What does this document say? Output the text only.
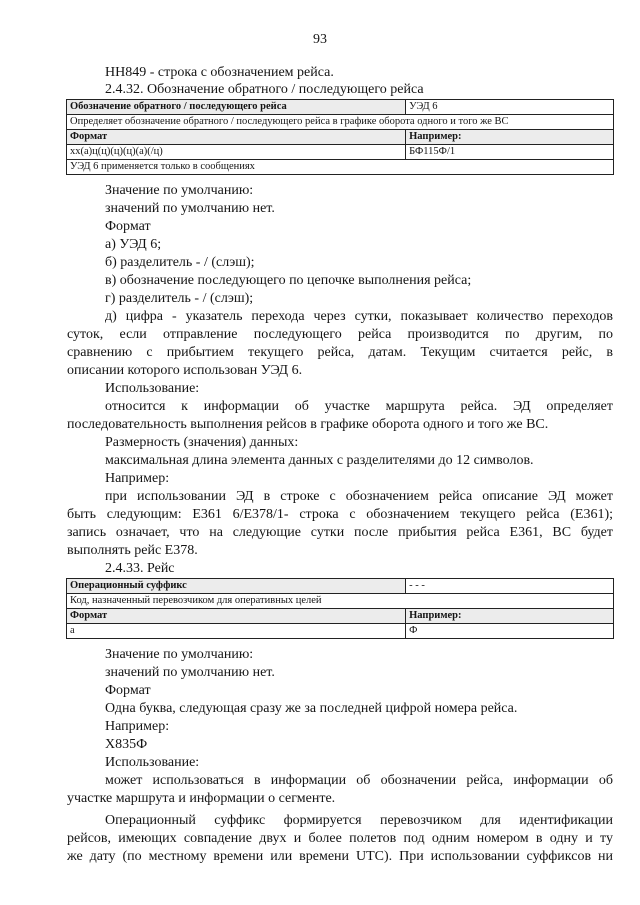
93
НН849 - строка с обозначением рейса.
2.4.32. Обозначение обратного / последующего рейса
Обозначение обратного / последующего рейса	УЭД 6
Определяет обозначение обратного / последующего рейса в графике оборота одного и того же ВС	
Формат	Например:
хх(а)ц(ц)(ц)(ц)(а)(/ц)	БФ115Ф/1
УЭД 6 применяется только в сообщениях	
Значение по умолчанию:
значений по умолчанию нет.
Формат
а) УЭД 6;
б) разделитель - / (слэш);
в) обозначение последующего по цепочке выполнения рейса;
г) разделитель - / (слэш);
д) цифра - указатель перехода через сутки, показывает количество переходов
суток, если отправление последующего рейса производится по другим, по
сравнению с прибытием текущего рейса, датам. Текущим считается рейс, в
описании которого использован УЭД 6.
Использование:
относится к информации об участке маршрута рейса. ЭД определяет
последовательность выполнения рейсов в графике оборота одного и того же ВС.
Размерность (значения) данных:
максимальная длина элемента данных с разделителями до 12 символов.
Например:
при использовании ЭД в строке с обозначением рейса описание ЭД может
быть следующим: Е361 6/Е378/1- строка с обозначением текущего рейса (Е361);
запись означает, что на следующие сутки после прибытия рейса Е361, ВС будет
выполнять рейс Е378.
2.4.33. Рейс
Операционный суффикс	- - -
Код, назначенный перевозчиком для оперативных целей	
Формат	Например:
а	Ф
Значение по умолчанию:
значений по умолчанию нет.
Формат
Одна буква, следующая сразу же за последней цифрой номера рейса.
Например:
Х835Ф
Использование:
может использоваться в информации об обозначении рейса, информации об
участке маршрута и информации о сегменте.
Операционный суффикс формируется перевозчиком для идентификации
рейсов, имеющих совпадение двух и более полетов под одним номером в одну и ту
же дату (по местному времени или времени UTC). При использовании суффиксов ни
